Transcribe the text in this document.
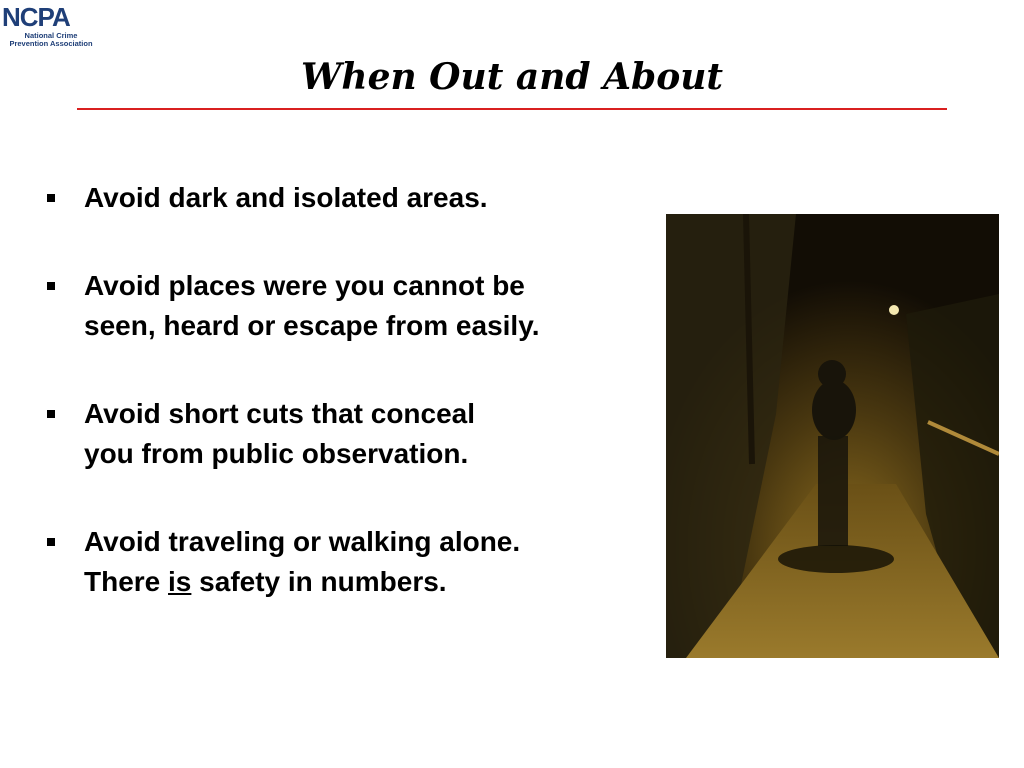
NCPA
National Crime
Prevention Association
When Out and About
Avoid dark and isolated areas.
Avoid places were you cannot be
seen, heard or escape from easily.
Avoid short cuts that conceal
you from public observation.
Avoid traveling or walking alone.
There is safety in numbers.
